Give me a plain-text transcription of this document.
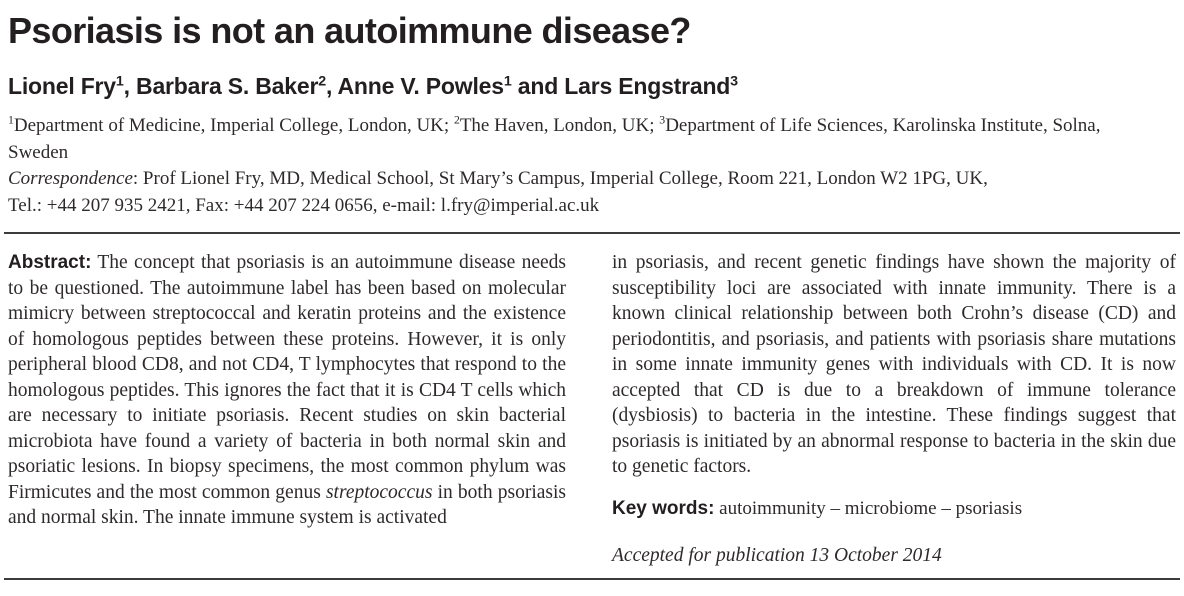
Psoriasis is not an autoimmune disease?
Lionel Fry$^1$, Barbara S. Baker$^2$, Anne V. Powles$^1$ and Lars Engstrand$^3$
$^1$Department of Medicine, Imperial College, London, UK; $^2$The Haven, London, UK; $^3$Department of Life Sciences, Karolinska Institute, Solna,
Sweden
Correspondence: Prof Lionel Fry, MD, Medical School, St Mary’s Campus, Imperial College, Room 221, London W2 1PG, UK,
Tel.: +44 207 935 2421, Fax: +44 207 224 0656, e-mail: l.fry@imperial.ac.uk

Abstract: The concept that psoriasis is an autoimmune disease needs to be questioned. The autoimmune label has been based on molecular mimicry between streptococcal and keratin proteins and the existence of homologous peptides between these proteins. However, it is only peripheral blood CD8, and not CD4, T lymphocytes that respond to the homologous peptides. This ignores the fact that it is CD4 T cells which are necessary to initiate psoriasis. Recent studies on skin bacterial microbiota have found a variety of bacteria in both normal skin and psoriatic lesions. In biopsy specimens, the most common phylum was Firmicutes and the most common genus streptococcus in both psoriasis and normal skin. The innate immune system is activated

in psoriasis, and recent genetic findings have shown the majority of susceptibility loci are associated with innate immunity. There is a known clinical relationship between both Crohn’s disease (CD) and periodontitis, and psoriasis, and patients with psoriasis share mutations in some innate immunity genes with individuals with CD. It is now accepted that CD is due to a breakdown of immune tolerance (dysbiosis) to bacteria in the intestine. These findings suggest that psoriasis is initiated by an abnormal response to bacteria in the skin due to genetic factors.

Key words: autoimmunity – microbiome – psoriasis
Accepted for publication 13 October 2014
